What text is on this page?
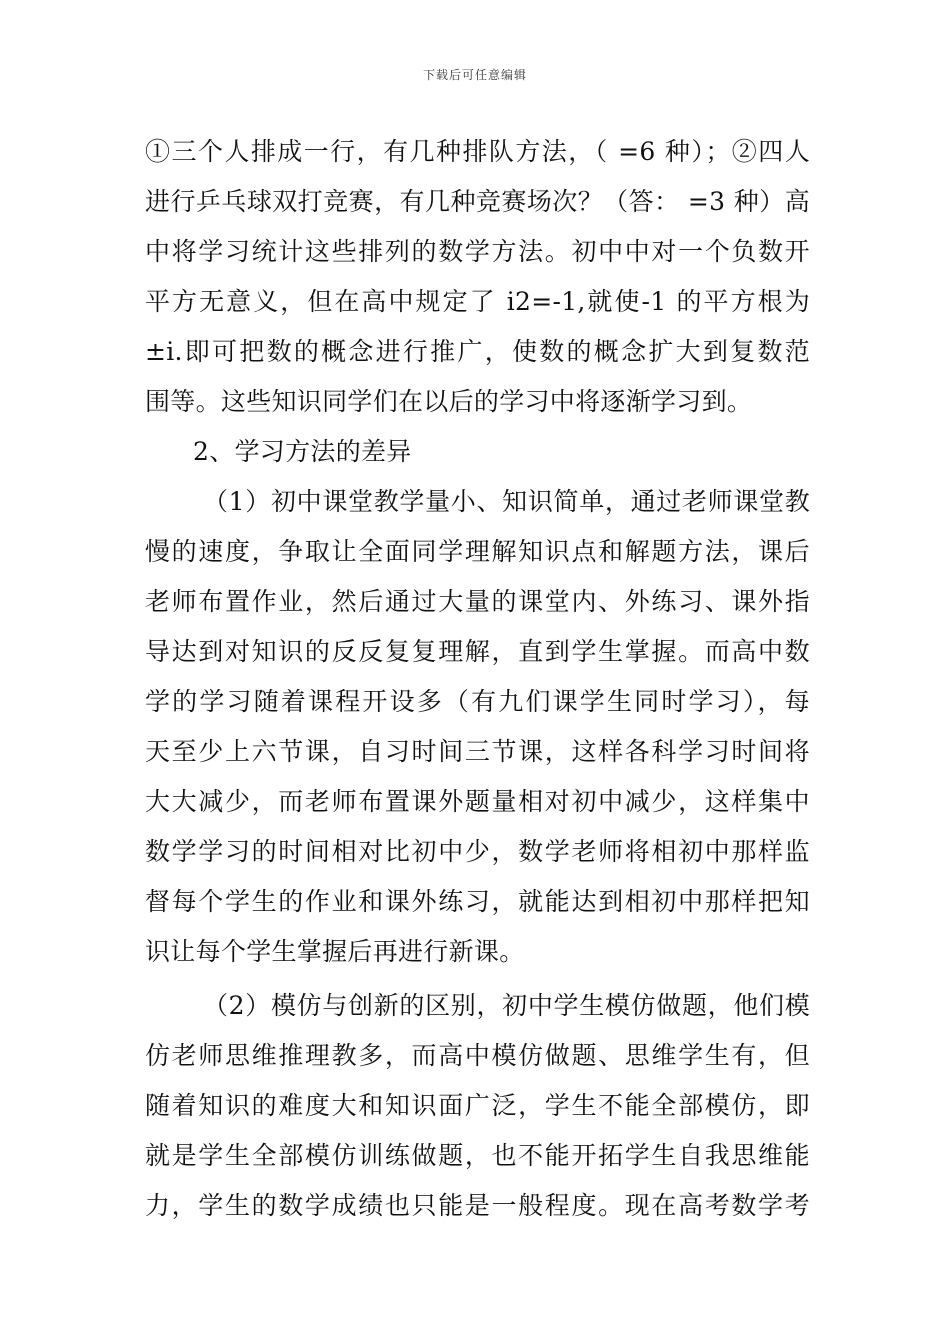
下载后可任意编辑
①三个人排成一行，有几种排队方法，（ =6 种）；②四人
进行乒乓球双打竞赛，有几种竞赛场次？（答： =3 种）高
中将学习统计这些排列的数学方法。初中中对一个负数开
平方无意义，但在高中规定了 i2=-1,就使-1 的平方根为
±i.即可把数的概念进行推广，使数的概念扩大到复数范
围等。这些知识同学们在以后的学习中将逐渐学习到。
2、学习方法的差异
（1）初中课堂教学量小、知识简单，通过老师课堂教
慢的速度，争取让全面同学理解知识点和解题方法，课后
老师布置作业，然后通过大量的课堂内、外练习、课外指
导达到对知识的反反复复理解，直到学生掌握。而高中数
学的学习随着课程开设多（有九们课学生同时学习），每
天至少上六节课，自习时间三节课，这样各科学习时间将
大大减少，而老师布置课外题量相对初中减少，这样集中
数学学习的时间相对比初中少，数学老师将相初中那样监
督每个学生的作业和课外练习，就能达到相初中那样把知
识让每个学生掌握后再进行新课。
（2）模仿与创新的区别，初中学生模仿做题，他们模
仿老师思维推理教多，而高中模仿做题、思维学生有，但
随着知识的难度大和知识面广泛，学生不能全部模仿，即
就是学生全部模仿训练做题，也不能开拓学生自我思维能
力，学生的数学成绩也只能是一般程度。现在高考数学考
